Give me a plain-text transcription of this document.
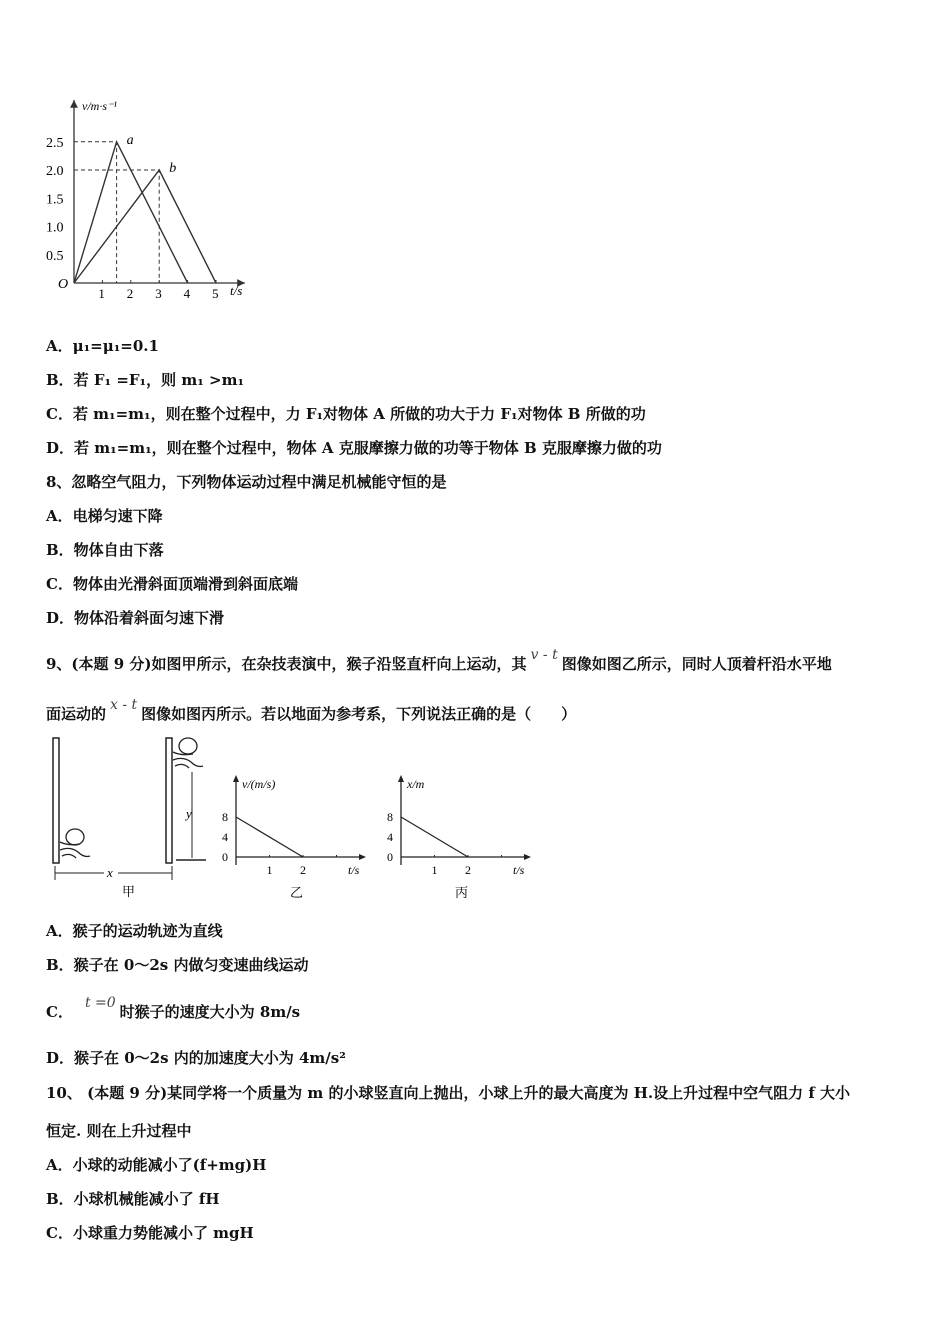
v/m·s⁻¹
t/s
O
0.5
1.0
1.5
2.0
2.5
1 2 3 4 5
a
b
A．μ₁=μ₁=0.1
B．若 F₁ =F₁，则 m₁ >m₁
C．若 m₁=m₁，则在整个过程中，力 F₁对物体 A 所做的功大于力 F₁对物体 B 所做的功
D．若 m₁=m₁，则在整个过程中，物体 A 克服摩擦力做的功等于物体 B 克服摩擦力做的功
8、忽略空气阻力，下列物体运动过程中满足机械能守恒的是
A．电梯匀速下降
B．物体自由下落
C．物体由光滑斜面顶端滑到斜面底端
D．物体沿着斜面匀速下滑
9、(本题 9 分)如图甲所示，在杂技表演中，猴子沿竖直杆向上运动，其 v - t 图像如图乙所示，同时人顶着杆沿水平地
面运动的 x - t 图像如图丙所示。若以地面为参考系，下列说法正确的是（　　）
y
x
甲
v/(m/s)
t/s
0
4
8
1 2
乙
x/m
t/s
0
4
8
1 2
丙
A．猴子的运动轨迹为直线
B．猴子在 0～2s 内做匀变速曲线运动
C． t =0 时猴子的速度大小为 8m/s
D．猴子在 0～2s 内的加速度大小为 4m/s²
10、 (本题 9 分)某同学将一个质量为 m 的小球竖直向上抛出，小球上升的最大高度为 H.设上升过程中空气阻力 f 大小
恒定. 则在上升过程中
A．小球的动能减小了(f+mg)H
B．小球机械能减小了 fH
C．小球重力势能减小了 mgH
